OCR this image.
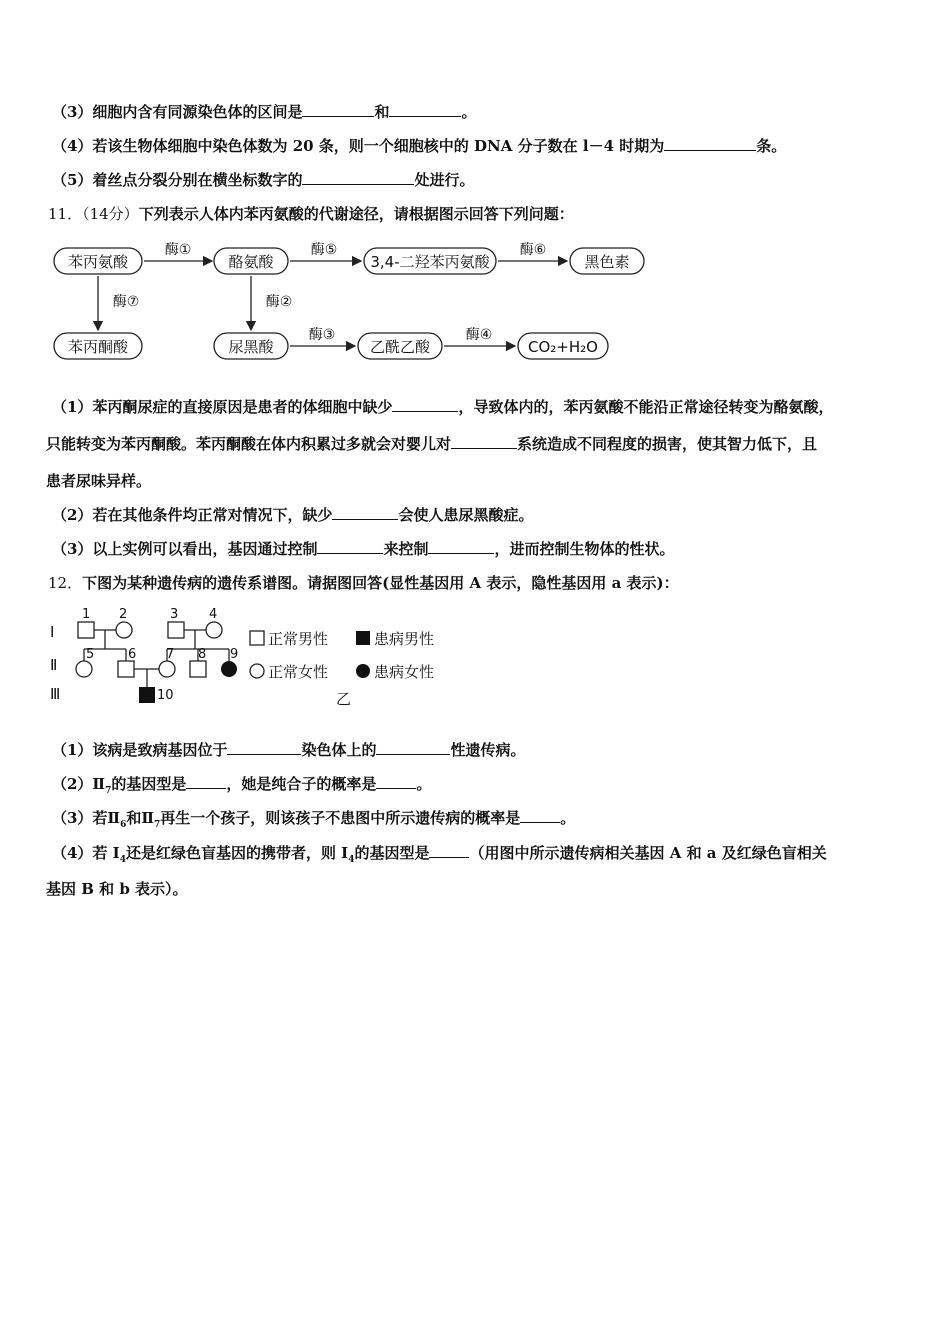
（3）细胞内含有同源染色体的区间是	和	。
（4）若该生物体细胞中染色体数为 20 条，则一个细胞核中的 DNA 分子数在 l－4 时期为	条。
（5）着丝点分裂分别在横坐标数字的	处进行。
11．（14分）下列表示人体内苯丙氨酸的代谢途径，请根据图示回答下列问题：
苯丙氨酸	酪氨酸	3,4-二羟苯丙氨酸	黑色素
苯丙酮酸	尿黑酸	乙酰乙酸	CO₂+H₂O
酶①	酶⑤	酶⑥
酶⑦	酶②
酶③	酶④
（1）苯丙酮尿症的直接原因是患者的体细胞中缺少	，导致体内的，苯丙氨酸不能沿正常途径转变为酪氨酸，
只能转变为苯丙酮酸。苯丙酮酸在体内积累过多就会对婴儿对	系统造成不同程度的损害，使其智力低下，且
患者尿味异样。
（2）若在其他条件均正常对情况下，缺少	会使人患尿黑酸症。
（3）以上实例可以看出，基因通过控制	来控制	，进而控制生物体的性状。
12．下图为某种遗传病的遗传系谱图。请据图回答(显性基因用 A 表示，隐性基因用 a 表示)：
Ⅰ
Ⅱ
Ⅲ
1 2	3 4
5	6 7 8 9
10
正常男性	患病男性
正常女性	患病女性
乙
（1）该病是致病基因位于	染色体上的	性遗传病。
$(2)Ⅱ_7$的基因型是	，她是纯合子的概率是	。
（3）若$Ⅱ_6$和$Ⅱ_7$再生一个孩子，则该孩子不患图中所示遗传病的概率是	。
（4）若 $I_4$还是红绿色盲基因的携带者，则 $I_4$的基因型是	（用图中所示遗传病相关基因 A 和 a 及红绿色盲相关
基因 B 和 b 表示）。
